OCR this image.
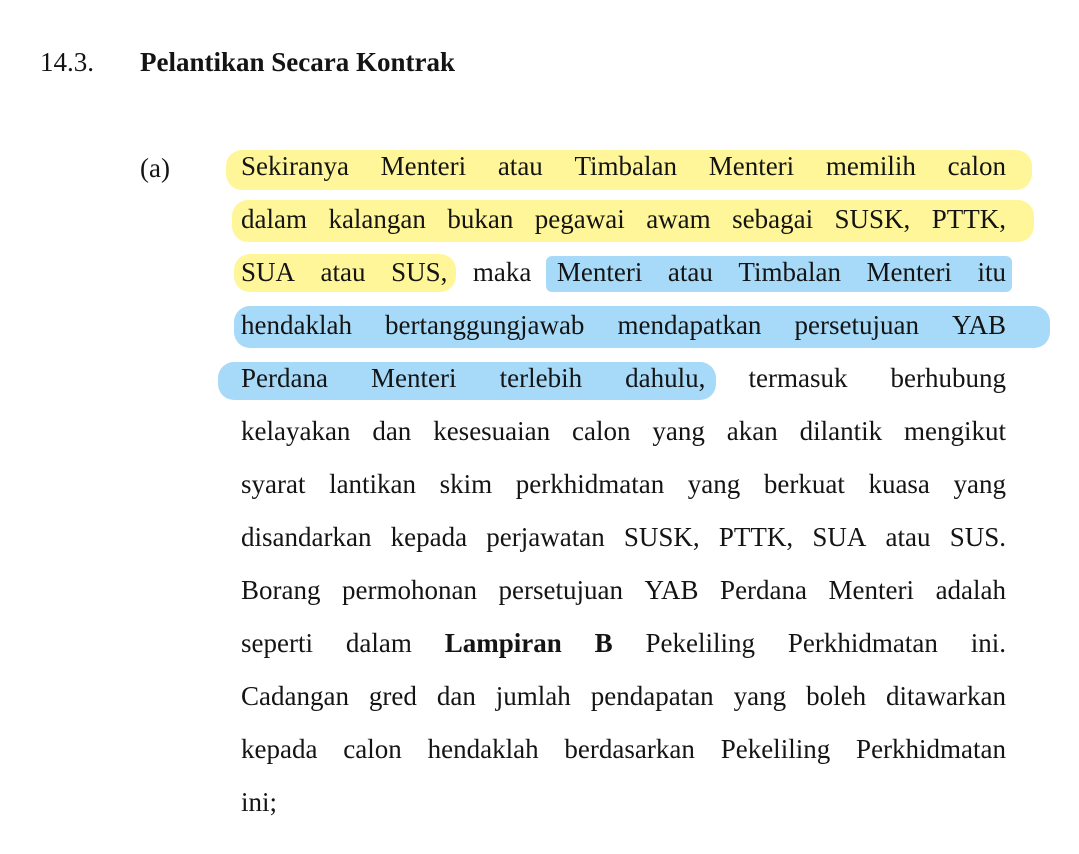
14.3. Pelantikan Secara Kontrak
(a)	Sekiranya Menteri atau Timbalan Menteri memilih calon
dalam kalangan bukan pegawai awam sebagai SUSK, PTTK,
SUA atau SUS, maka Menteri atau Timbalan Menteri itu
hendaklah bertanggungjawab mendapatkan persetujuan YAB
Perdana Menteri terlebih dahulu, termasuk berhubung
kelayakan dan kesesuaian calon yang akan dilantik mengikut
syarat lantikan skim perkhidmatan yang berkuat kuasa yang
disandarkan kepada perjawatan SUSK, PTTK, SUA atau SUS.
Borang permohonan persetujuan YAB Perdana Menteri adalah
seperti dalam Lampiran B Pekeliling Perkhidmatan ini.
Cadangan gred dan jumlah pendapatan yang boleh ditawarkan
kepada calon hendaklah berdasarkan Pekeliling Perkhidmatan
ini;
